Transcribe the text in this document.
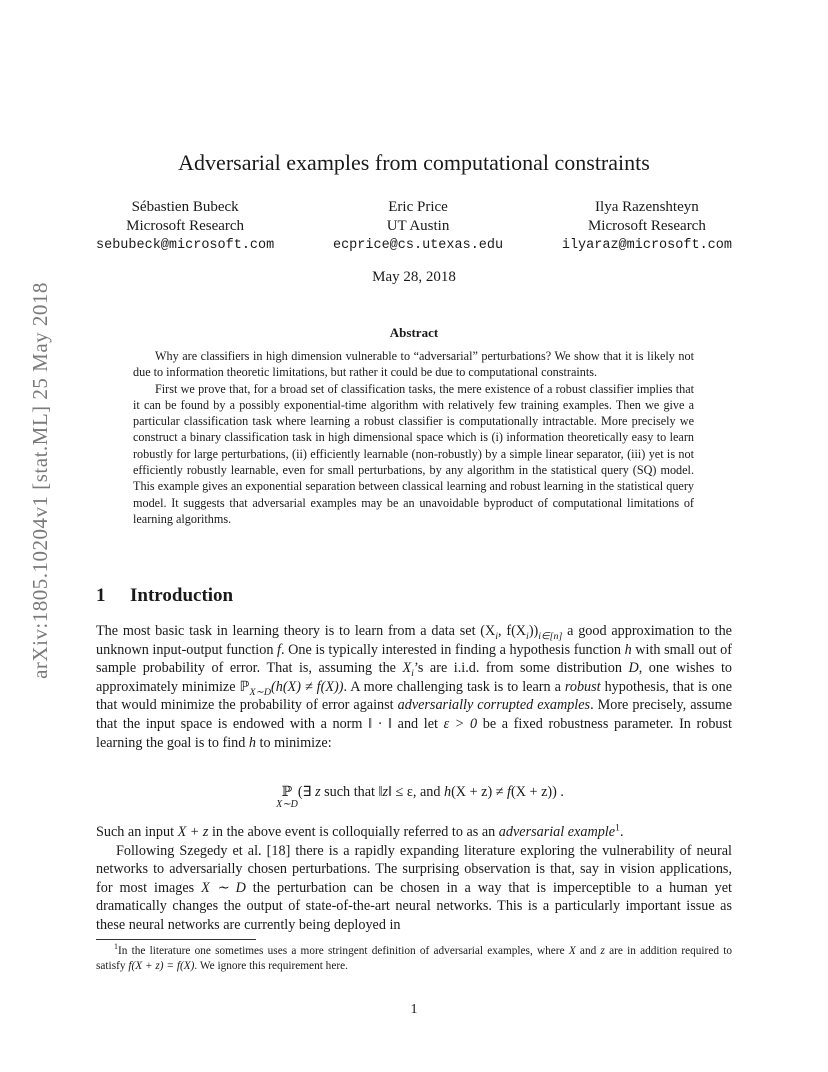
arXiv:1805.10204v1 [stat.ML] 25 May 2018
Adversarial examples from computational constraints
Sébastien Bubeck
Microsoft Research
sebubeck@microsoft.com
Eric Price
UT Austin
ecprice@cs.utexas.edu
Ilya Razenshteyn
Microsoft Research
ilyaraz@microsoft.com
May 28, 2018
Abstract

Why are classifiers in high dimension vulnerable to “adversarial” perturbations? We show that it is likely not due to information theoretic limitations, but rather it could be due to computational constraints.

First we prove that, for a broad set of classification tasks, the mere existence of a robust classifier implies that it can be found by a possibly exponential-time algorithm with relatively few training examples. Then we give a particular classification task where learning a robust classifier is computationally intractable. More precisely we construct a binary classification task in high dimensional space which is (i) information theoretically easy to learn robustly for large perturbations, (ii) efficiently learnable (non-robustly) by a simple linear separator, (iii) yet is not efficiently robustly learnable, even for small perturbations, by any algorithm in the statistical query (SQ) model. This example gives an exponential separation between classical learning and robust learning in the statistical query model. It suggests that adversarial examples may be an unavoidable byproduct of computational limitations of learning algorithms.

1 Introduction

The most basic task in learning theory is to learn from a data set ($X_i$, $f(X_i))_{i\in[n]}$ a good approximation to the unknown input-output function f. One is typically interested in finding a hypothesis function h with small out of sample probability of error. That is, assuming the $X_i’s$ are i.i.d. from some distribution D, one wishes to approximately minimize ℙ$_{X\sim D}$(h(X) ≠ f(X)). A more challenging task is to learn a robust hypothesis, that is one that would minimize the probability of error against adversarially corrupted examples. More precisely, assume that the input space is endowed with a norm ‖ · ‖ and let ε > 0 be a fixed robustness parameter. In robust learning the goal is to find h to minimize:

ℙ
X∼D
(∃ z such that ‖z‖ ≤ ε, and h(X + z) ≠ f(X + z)) .

Such an input X + z in the above event is colloquially referred to as an adversarial example$^1$.

Following Szegedy et al. [18] there is a rapidly expanding literature exploring the vulnerability of neural networks to adversarially chosen perturbations. The surprising observation is that, say in vision applications, for most images X ∼ D the perturbation can be chosen in a way that is imperceptible to a human yet dramatically changes the output of state-of-the-art neural networks. This is a particularly important issue as these neural networks are currently being deployed in

$^1$In the literature one sometimes uses a more stringent definition of adversarial examples, where X and z are in addition required to satisfy f(X + z) = f(X). We ignore this requirement here.
1
